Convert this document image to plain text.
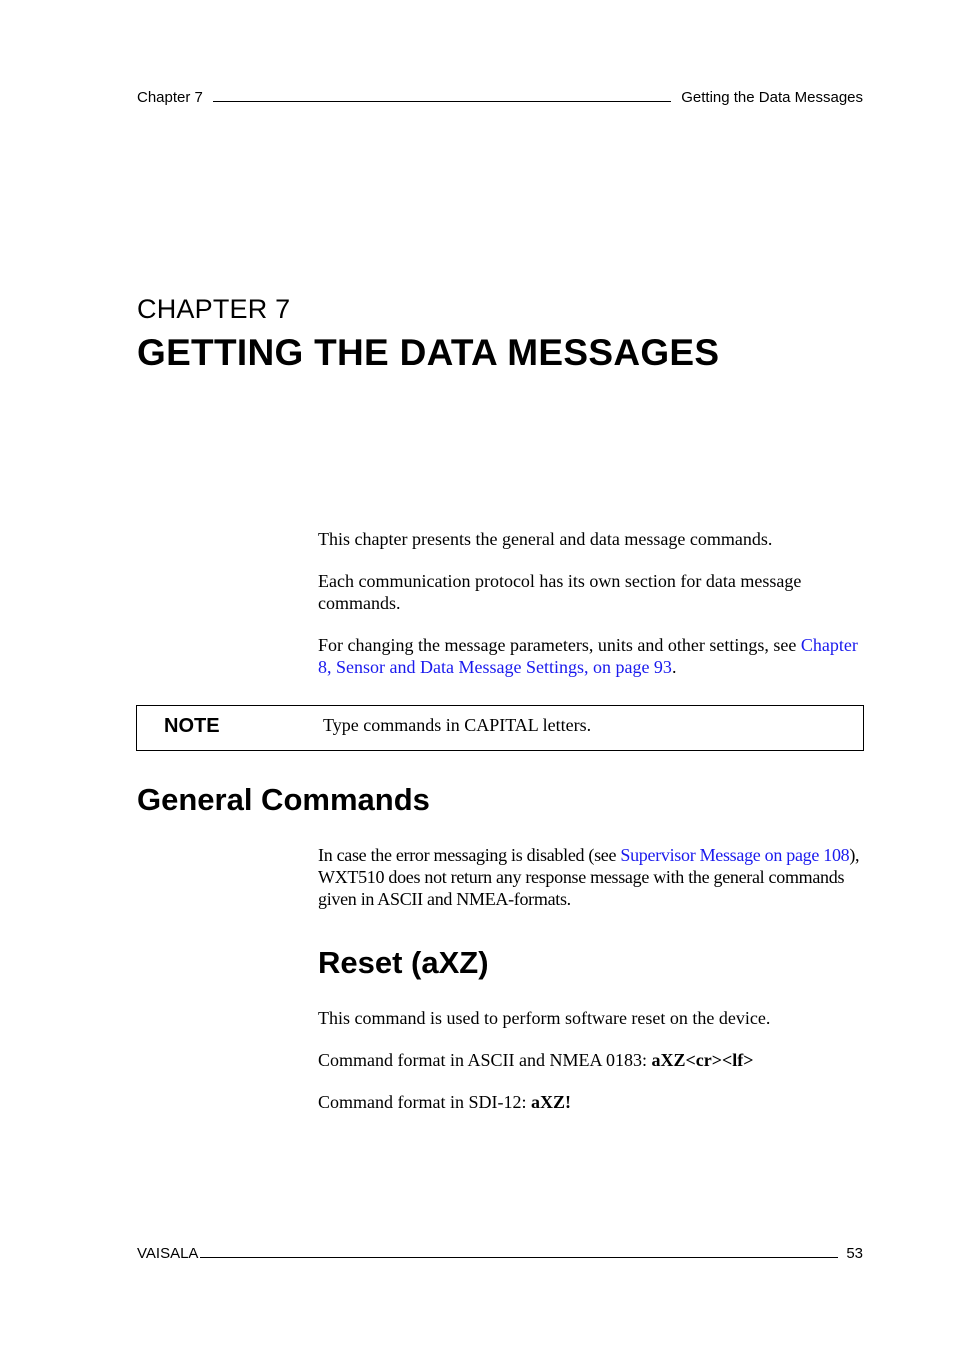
Chapter 7	Getting the Data Messages
CHAPTER 7
GETTING THE DATA MESSAGES

This chapter presents the general and data message commands.

Each communication protocol has its own section for data message commands.

For changing the message parameters, units and other settings, see Chapter 8, Sensor and Data Message Settings, on page 93.

NOTE	Type commands in CAPITAL letters.
General Commands

In case the error messaging is disabled (see Supervisor Message on page 108), WXT510 does not return any response message with the general commands given in ASCII and NMEA-formats.

Reset (aXZ)

This command is used to perform software reset on the device.

Command format in ASCII and NMEA 0183: aXZ<cr><lf>

Command format in SDI-12: aXZ!

VAISALA	53
